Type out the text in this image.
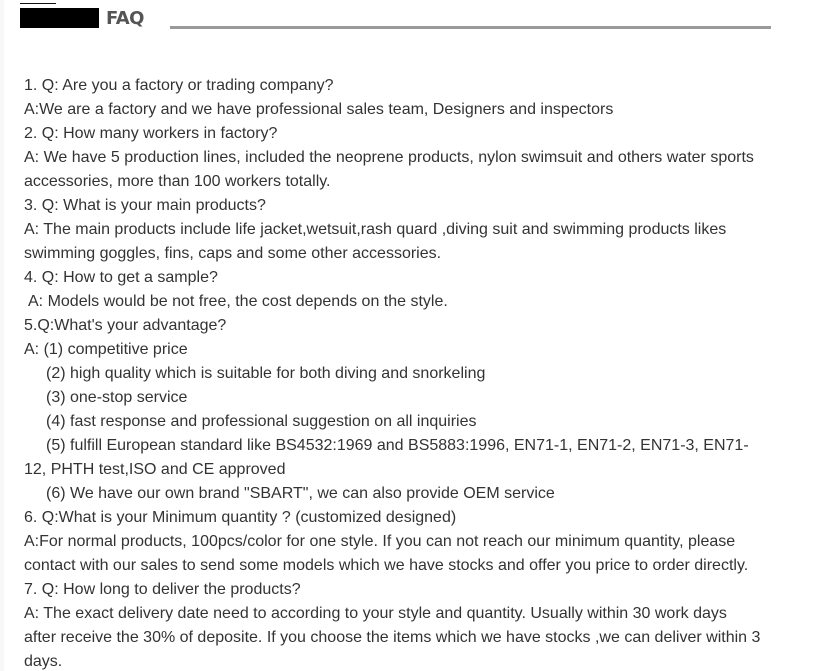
FAQ

1. Q: Are you a factory or trading company?

A:We are a factory and we have professional sales team, Designers and inspectors

2. Q: How many workers in factory?

A: We have 5 production lines, included the neoprene products, nylon swimsuit and others water sports

accessories, more than 100 workers totally.

3. Q: What is your main products?

A: The main products include life jacket,wetsuit,rash quard ,diving suit and swimming products likes

swimming goggles, fins, caps and some other accessories.

4. Q: How to get a sample?

A: Models would be not free, the cost depends on the style.

5.Q:What's your advantage?

A: (1) competitive price

(2) high quality which is suitable for both diving and snorkeling

(3) one-stop service

(4) fast response and professional suggestion on all inquiries

(5) fulfill European standard like BS4532:1969 and BS5883:1996, EN71-1, EN71-2, EN71-3, EN71-

12, PHTH test,ISO and CE approved

(6) We have our own brand "SBART", we can also provide OEM service

6. Q:What is your Minimum quantity ? (customized designed)

A:For normal products, 100pcs/color for one style. If you can not reach our minimum quantity, please

contact with our sales to send some models which we have stocks and offer you price to order directly.

7. Q: How long to deliver the products?

A: The exact delivery date need to according to your style and quantity. Usually within 30 work days

after receive the 30% of deposite. If you choose the items which we have stocks ,we can deliver within 3

days.
